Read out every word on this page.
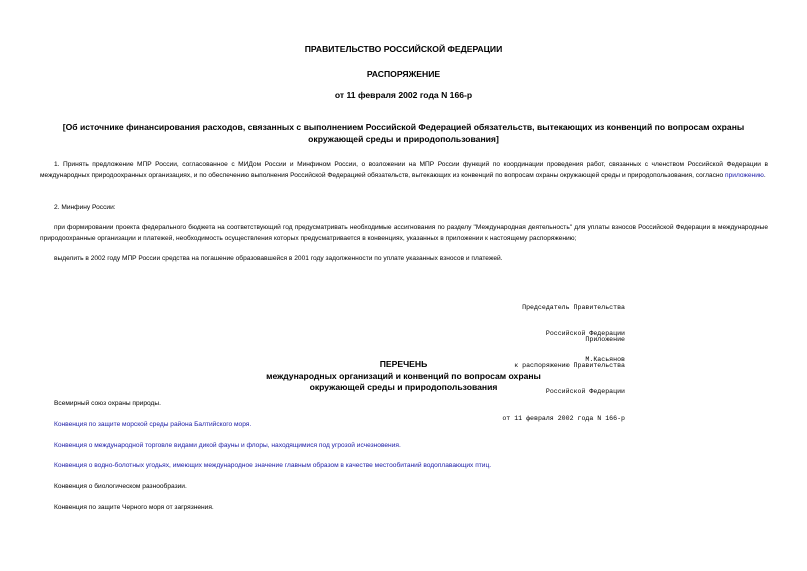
ПРАВИТЕЛЬСТВО РОССИЙСКОЙ ФЕДЕРАЦИИ
РАСПОРЯЖЕНИЕ
от 11 февраля 2002 года N 166-р
[Об источнике финансирования расходов, связанных с выполнением Российской Федерацией обязательств, вытекающих из конвенций по вопросам охраны
окружающей среды и природопользования]
1. Принять предложение МПР России, согласованное с МИДом России и Минфином России, о возложении на МПР России функций по координации проведения работ, связанных с членством Российской Федерации в международных природоохранных организациях, и по обеспечению выполнения Российской Федерацией обязательств, вытекающих из конвенций по вопросам охраны окружающей среды и природопользования, согласно приложению.
2. Минфину России:
при формировании проекта федерального бюджета на соответствующий год предусматривать необходимые ассигнования по разделу "Международная деятельность" для уплаты взносов Российской Федерации в международные природоохранные организации и платежей, необходимость осуществления которых предусматривается в конвенциях, указанных в приложении к настоящему распоряжению;
выделить в 2002 году МПР России средства на погашение образовавшейся в 2001 году задолженности по уплате указанных взносов и платежей.

Председатель Правительства

Российской Федерации

М.Касьянов

Приложение

к распоряжению Правительства

Российской Федерации

от 11 февраля 2002 года N 166-р

ПЕРЕЧЕНЬ
международных организаций и конвенций по вопросам охраны
окружающей среды и природопользования
Всемирный союз охраны природы.
Конвенция по защите морской среды района Балтийского моря.
Конвенция о международной торговле видами дикой фауны и флоры, находящимися под угрозой исчезновения.
Конвенция о водно-болотных угодьях, имеющих международное значение главным образом в качестве местообитаний водоплавающих птиц.
Конвенция о биологическом разнообразии.
Конвенция по защите Черного моря от загрязнения.
